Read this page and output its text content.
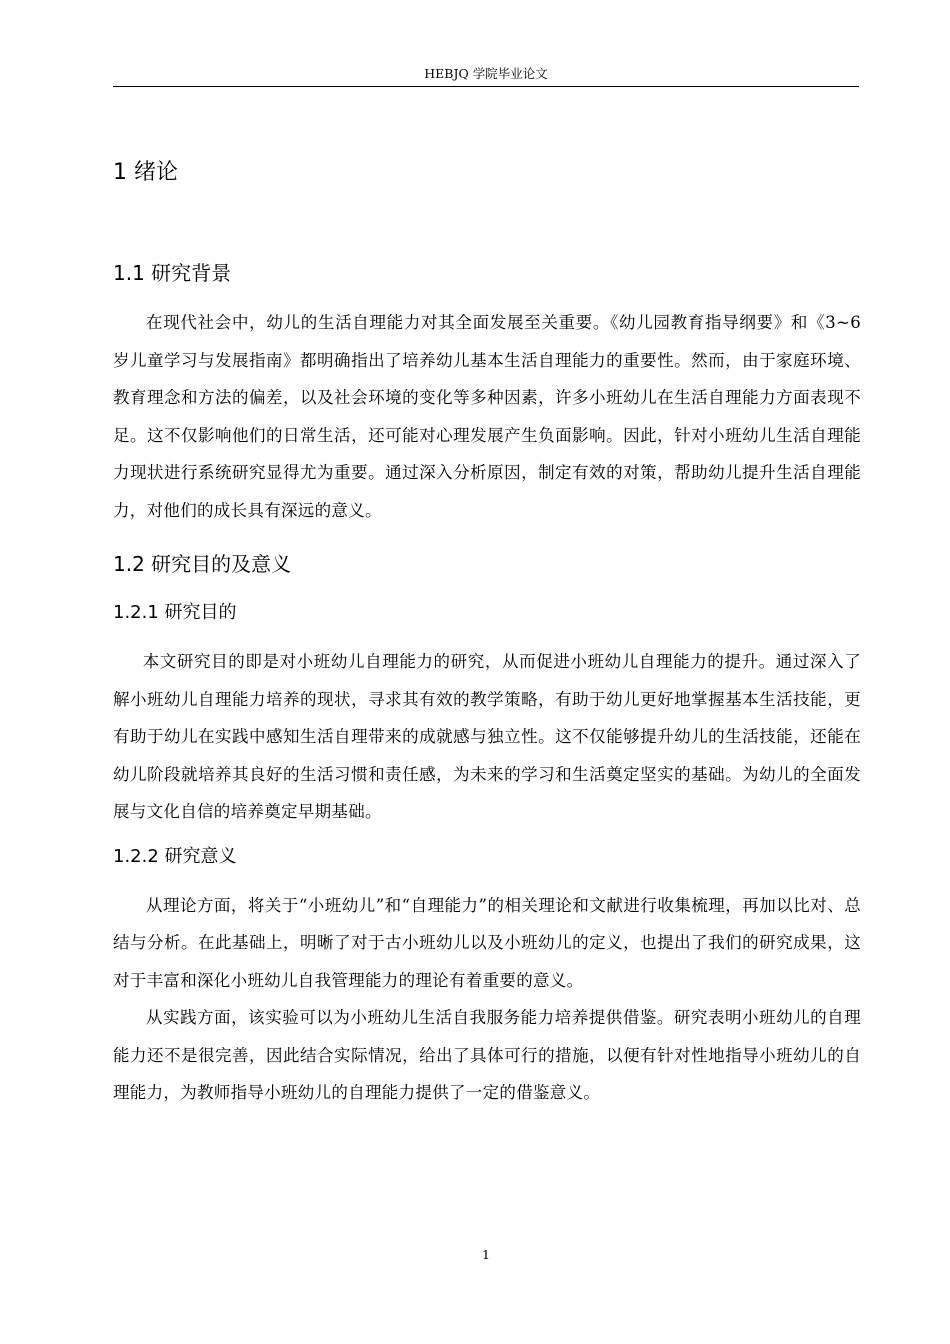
HEBJQ 学院毕业论文
1 绪论
1.1 研究背景

在现代社会中，幼儿的生活自理能力对其全面发展至关重要。《幼儿园教育指导纲要》和《3~6 岁儿童学习与发展指南》都明确指出了培养幼儿基本生活自理能力的重要性。然而，由于家庭环境、教育理念和方法的偏差，以及社会环境的变化等多种因素，许多小班幼儿在生活自理能力方面表现不足。这不仅影响他们的日常生活，还可能对心理发展产生负面影响。因此，针对小班幼儿生活自理能力现状进行系统研究显得尤为重要。通过深入分析原因，制定有效的对策，帮助幼儿提升生活自理能力，对他们的成长具有深远的意义。

1.2 研究目的及意义
1.2.1 研究目的

本文研究目的即是对小班幼儿自理能力的研究，从而促进小班幼儿自理能力的提升。通过深入了解小班幼儿自理能力培养的现状，寻求其有效的教学策略，有助于幼儿更好地掌握基本生活技能，更有助于幼儿在实践中感知生活自理带来的成就感与独立性。这不仅能够提升幼儿的生活技能，还能在幼儿阶段就培养其良好的生活习惯和责任感，为未来的学习和生活奠定坚实的基础。为幼儿的全面发展与文化自信的培养奠定早期基础。

1.2.2 研究意义

从理论方面，将关于“小班幼儿”和“自理能力”的相关理论和文献进行收集梳理，再加以比对、总结与分析。在此基础上，明晰了对于古小班幼儿以及小班幼儿的定义，也提出了我们的研究成果，这对于丰富和深化小班幼儿自我管理能力的理论有着重要的意义。

从实践方面，该实验可以为小班幼儿生活自我服务能力培养提供借鉴。研究表明小班幼儿的自理能力还不是很完善，因此结合实际情况，给出了具体可行的措施，以便有针对性地指导小班幼儿的自理能力，为教师指导小班幼儿的自理能力提供了一定的借鉴意义。

1
